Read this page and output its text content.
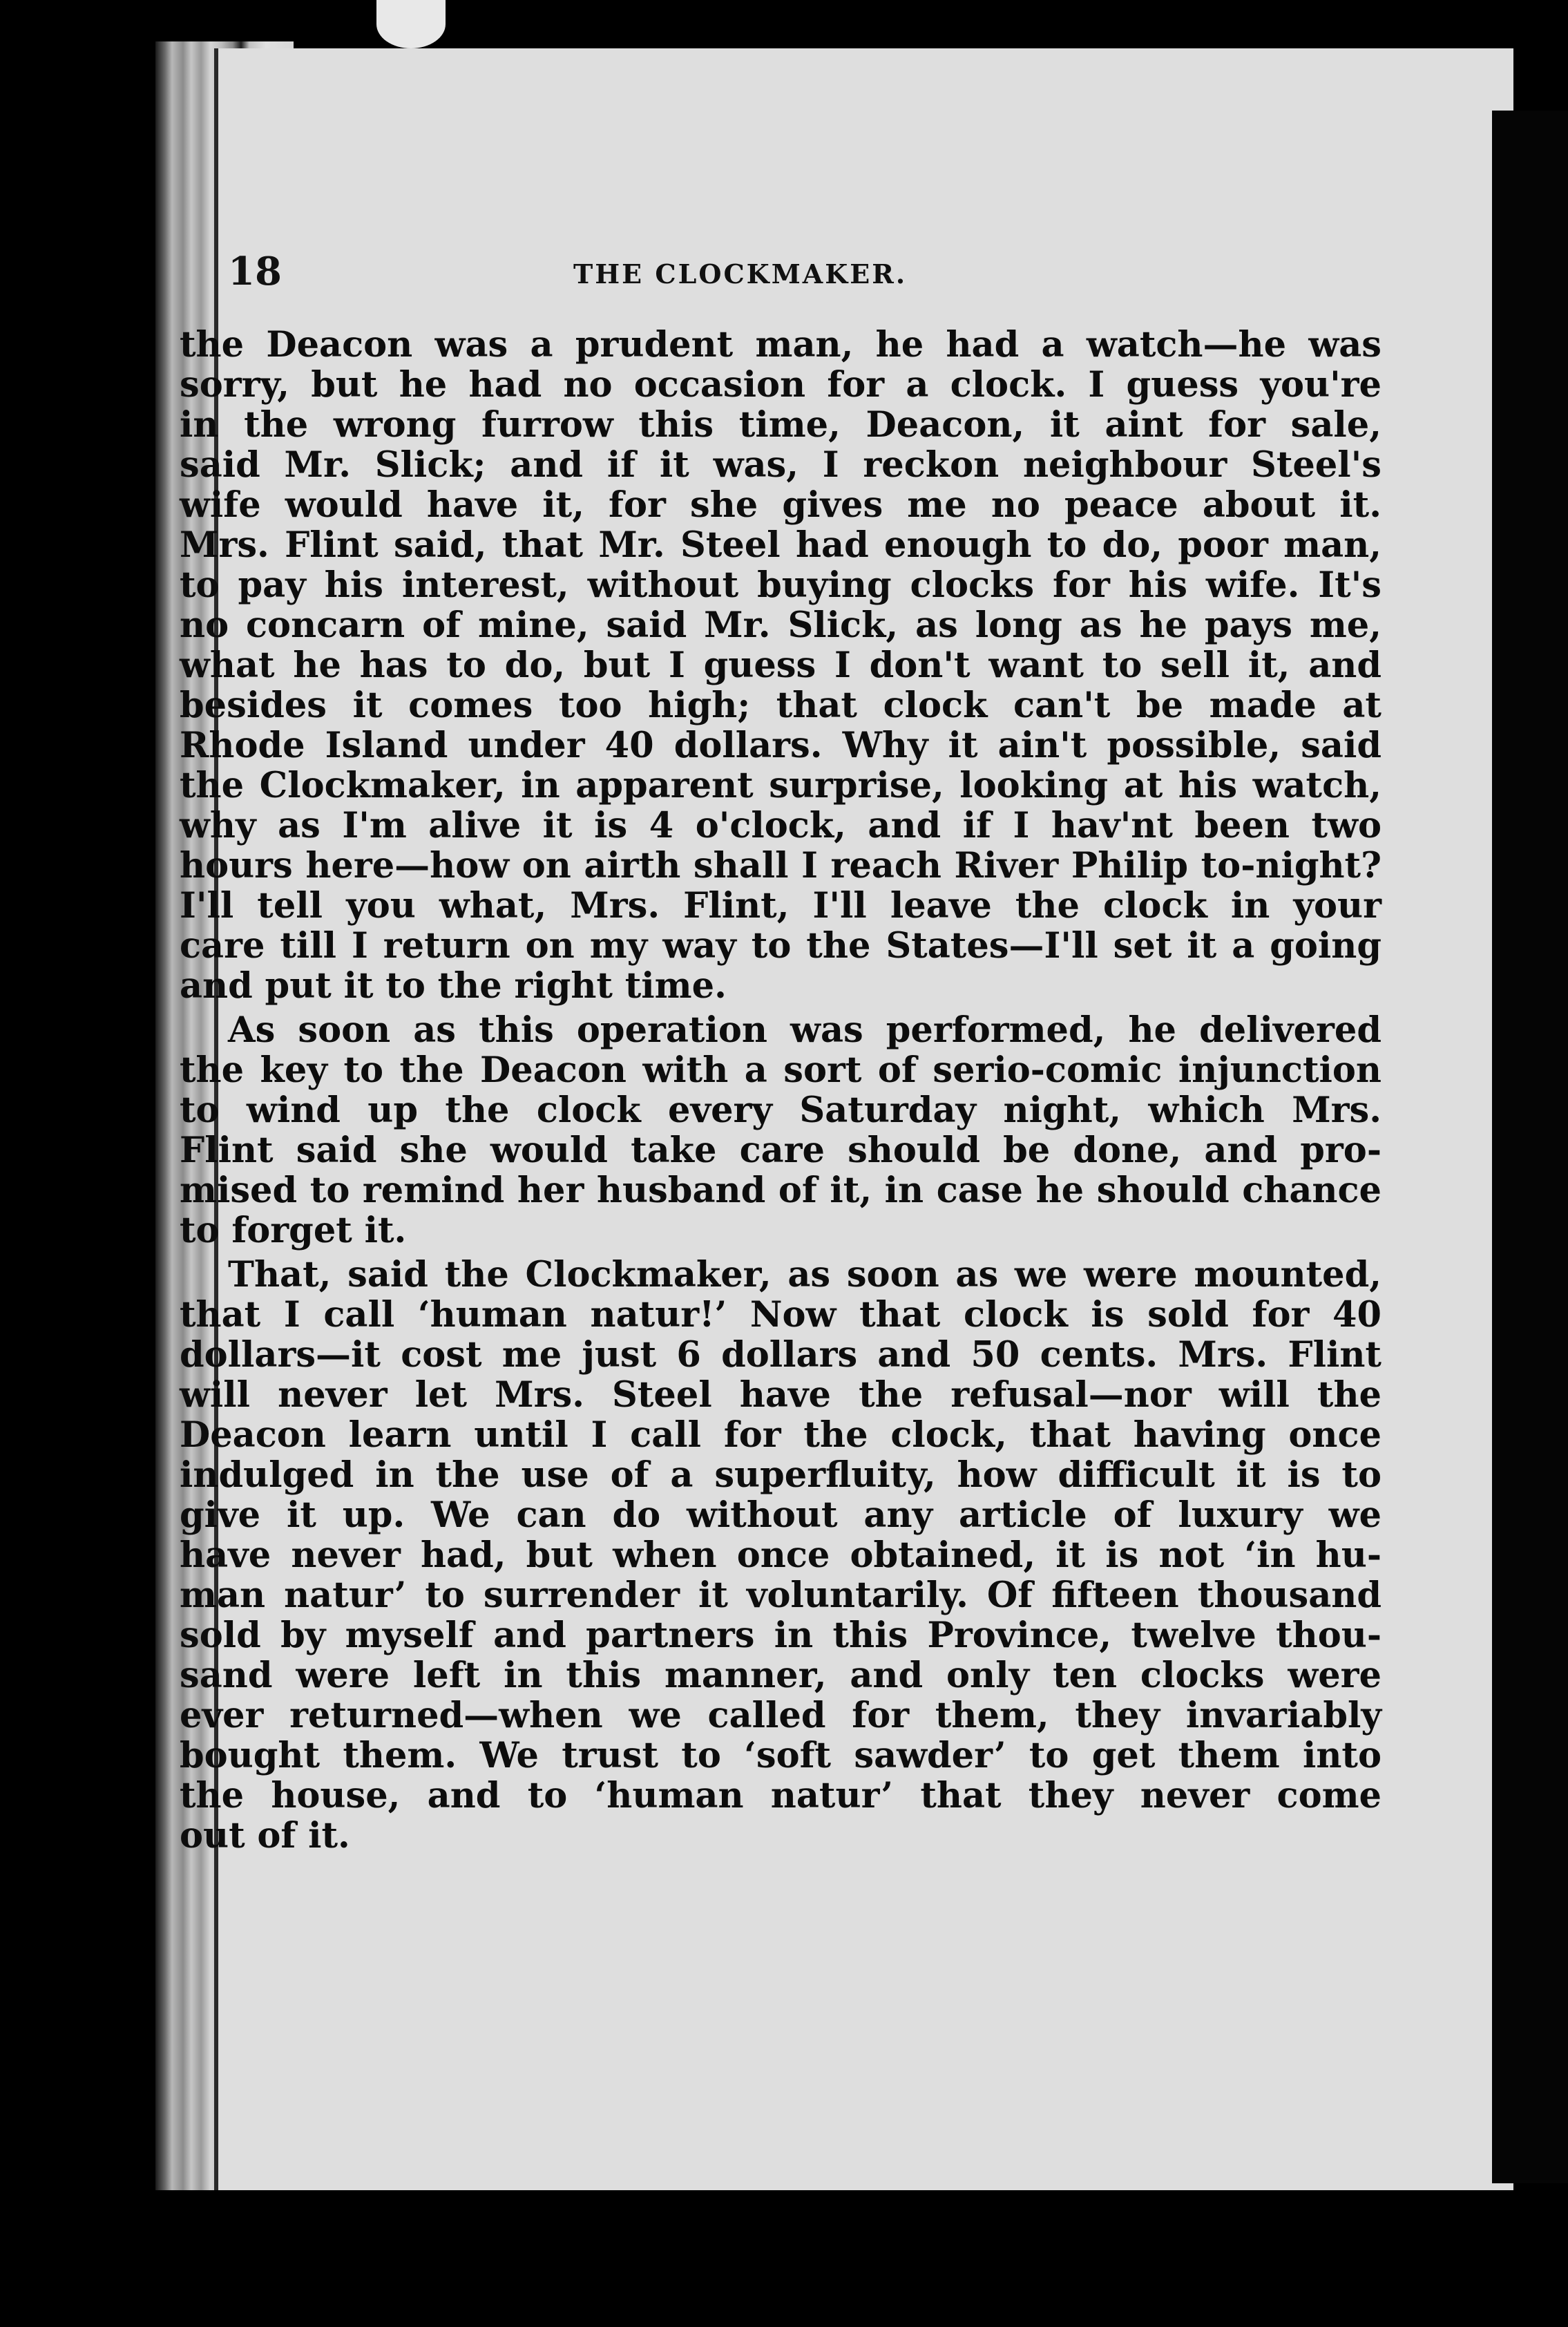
18	THE CLOCKMAKER.
the Deacon was a prudent man, he had a watch—he was
sorry, but he had no occasion for a clock. I guess you're
in the wrong furrow this time, Deacon, it aint for sale,
said Mr. Slick; and if it was, I reckon neighbour Steel's
wife would have it, for she gives me no peace about it.
Mrs. Flint said, that Mr. Steel had enough to do, poor man,
to pay his interest, without buying clocks for his wife. It's
no concarn of mine, said Mr. Slick, as long as he pays me,
what he has to do, but I guess I don't want to sell it, and
besides it comes too high; that clock can't be made at
Rhode Island under 40 dollars. Why it ain't possible, said
the Clockmaker, in apparent surprise, looking at his watch,
why as I'm alive it is 4 o'clock, and if I hav'nt been two
hours here—how on airth shall I reach River Philip to-night?
I'll tell you what, Mrs. Flint, I'll leave the clock in your
care till I return on my way to the States—I'll set it a going
and put it to the right time.
As soon as this operation was performed, he delivered
the key to the Deacon with a sort of serio-comic injunction
to wind up the clock every Saturday night, which Mrs.
Flint said she would take care should be done, and pro-
mised to remind her husband of it, in case he should chance
to forget it.
That, said the Clockmaker, as soon as we were mounted,
that I call ‘human natur!’ Now that clock is sold for 40
dollars—it cost me just 6 dollars and 50 cents. Mrs. Flint
will never let Mrs. Steel have the refusal—nor will the
Deacon learn until I call for the clock, that having once
indulged in the use of a superfluity, how difficult it is to
give it up. We can do without any article of luxury we
have never had, but when once obtained, it is not ‘in hu-
man natur’ to surrender it voluntarily. Of fifteen thousand
sold by myself and partners in this Province, twelve thou-
sand were left in this manner, and only ten clocks were
ever returned—when we called for them, they invariably
bought them. We trust to ‘soft sawder’ to get them into
the house, and to ‘human natur’ that they never come
out of it.
